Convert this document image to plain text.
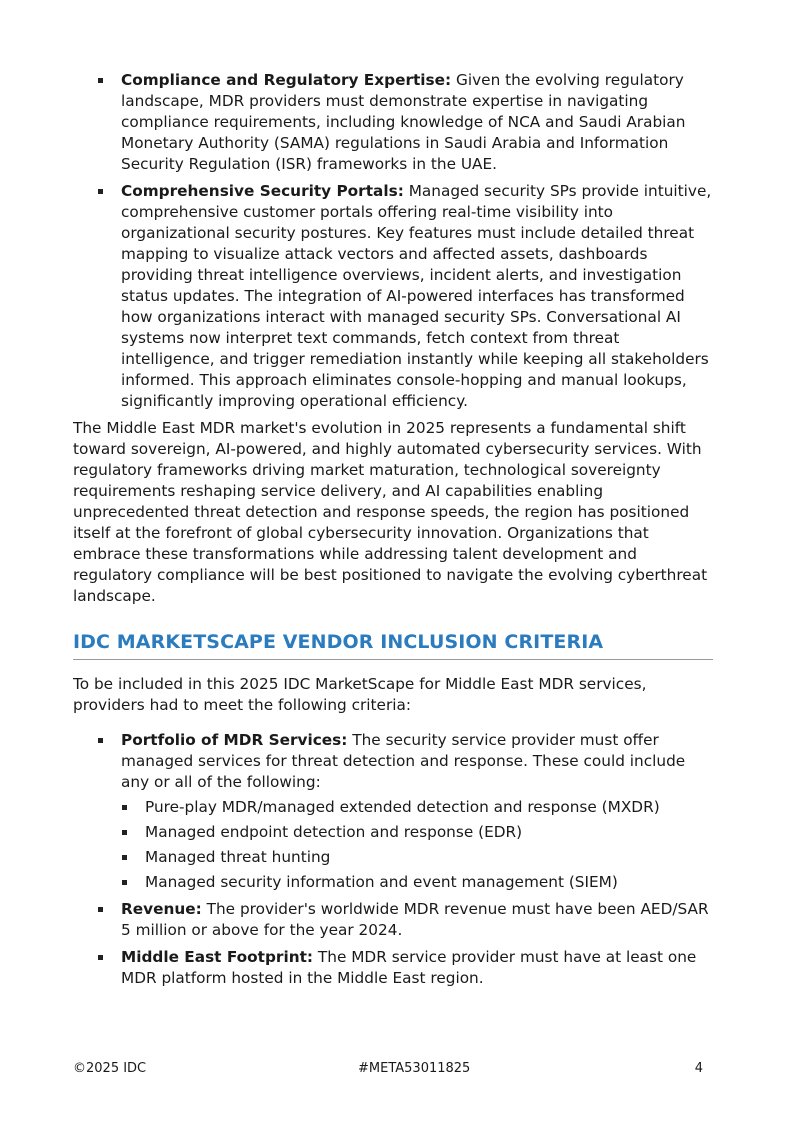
Compliance and Regulatory Expertise: Given the evolving regulatory landscape, MDR providers must demonstrate expertise in navigating compliance requirements, including knowledge of NCA and Saudi Arabian Monetary Authority (SAMA) regulations in Saudi Arabia and Information Security Regulation (ISR) frameworks in the UAE.
Comprehensive Security Portals: Managed security SPs provide intuitive, comprehensive customer portals offering real-time visibility into organizational security postures. Key features must include detailed threat mapping to visualize attack vectors and affected assets, dashboards providing threat intelligence overviews, incident alerts, and investigation status updates. The integration of AI-powered interfaces has transformed how organizations interact with managed security SPs. Conversational AI systems now interpret text commands, fetch context from threat intelligence, and trigger remediation instantly while keeping all stakeholders informed. This approach eliminates console-hopping and manual lookups, significantly improving operational efficiency.

The Middle East MDR market's evolution in 2025 represents a fundamental shift toward sovereign, AI-powered, and highly automated cybersecurity services. With regulatory frameworks driving market maturation, technological sovereignty requirements reshaping service delivery, and AI capabilities enabling unprecedented threat detection and response speeds, the region has positioned itself at the forefront of global cybersecurity innovation. Organizations that embrace these transformations while addressing talent development and regulatory compliance will be best positioned to navigate the evolving cyberthreat landscape.

IDC MARKETSCAPE VENDOR INCLUSION CRITERIA

To be included in this 2025 IDC MarketScape for Middle East MDR services, providers had to meet the following criteria:

Portfolio of MDR Services: The security service provider must offer managed services for threat detection and response. These could include any or all of the following:
Pure-play MDR/managed extended detection and response (MXDR)
Managed endpoint detection and response (EDR)
Managed threat hunting
Managed security information and event management (SIEM)
Revenue: The provider's worldwide MDR revenue must have been AED/SAR 5 million or above for the year 2024.
Middle East Footprint: The MDR service provider must have at least one MDR platform hosted in the Middle East region.
©2025 IDC	#META53011825	4
